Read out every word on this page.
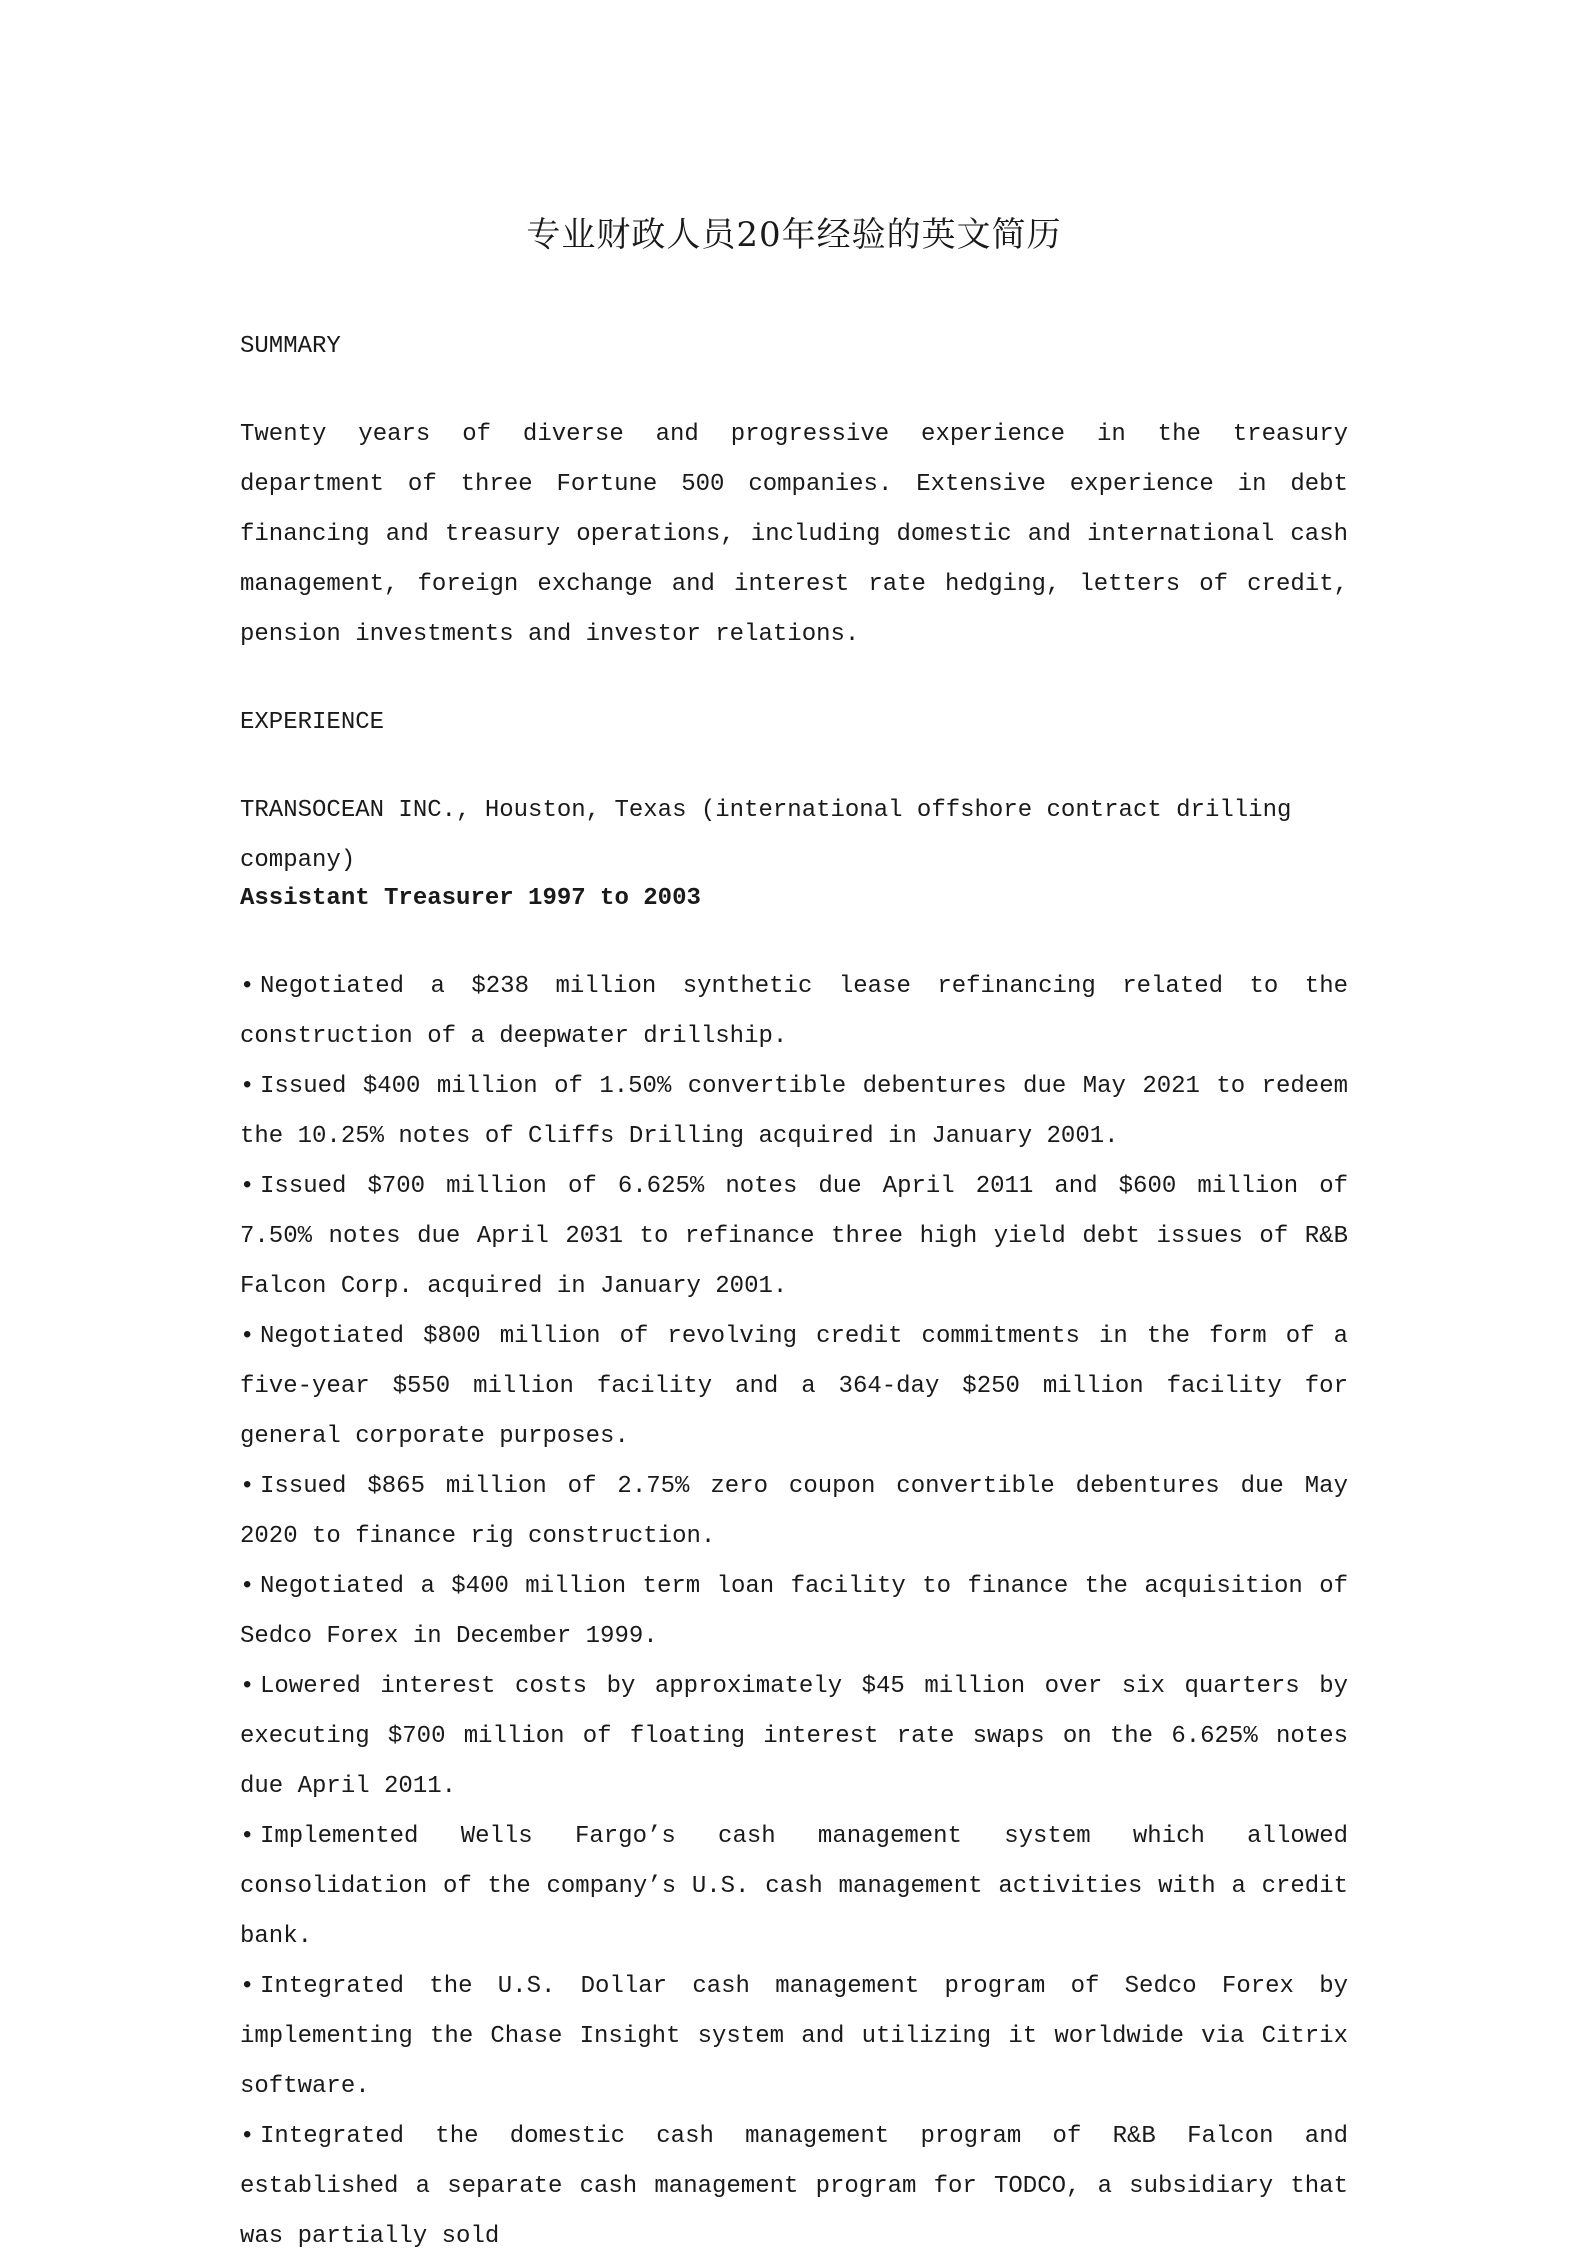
专业财政人员20年经验的英文简历

SUMMARY

Twenty years of diverse and progressive experience in the treasury department of three Fortune 500 companies. Extensive experience in debt financing and treasury operations, including domestic and international cash management, foreign exchange and interest rate hedging, letters of credit, pension investments and investor relations.

EXPERIENCE

TRANSOCEAN INC., Houston, Texas (international offshore contract drilling company)

Assistant Treasurer 1997 to 2003

• Negotiated a $238 million synthetic lease refinancing related to the construction of a deepwater drillship.
• Issued $400 million of 1.50% convertible debentures due May 2021 to redeem the 10.25% notes of Cliffs Drilling acquired in January 2001.
• Issued $700 million of 6.625% notes due April 2011 and $600 million of 7.50% notes due April 2031 to refinance three high yield debt issues of R&B Falcon Corp. acquired in January 2001.
• Negotiated $800 million of revolving credit commitments in the form of a five-year $550 million facility and a 364-day $250 million facility for general corporate purposes.
• Issued $865 million of 2.75% zero coupon convertible debentures due May 2020 to finance rig construction.
• Negotiated a $400 million term loan facility to finance the acquisition of Sedco Forex in December 1999.
• Lowered interest costs by approximately $45 million over six quarters by executing $700 million of floating interest rate swaps on the 6.625% notes due April 2011.
• Implemented Wells Fargo’s cash management system which allowed consolidation of the company’s U.S. cash management activities with a credit bank.
• Integrated the U.S. Dollar cash management program of Sedco Forex by implementing the Chase Insight system and utilizing it worldwide via Citrix software.
• Integrated the domestic cash management program of R&B Falcon and established a separate cash management program for TODCO, a subsidiary that was partially sold
